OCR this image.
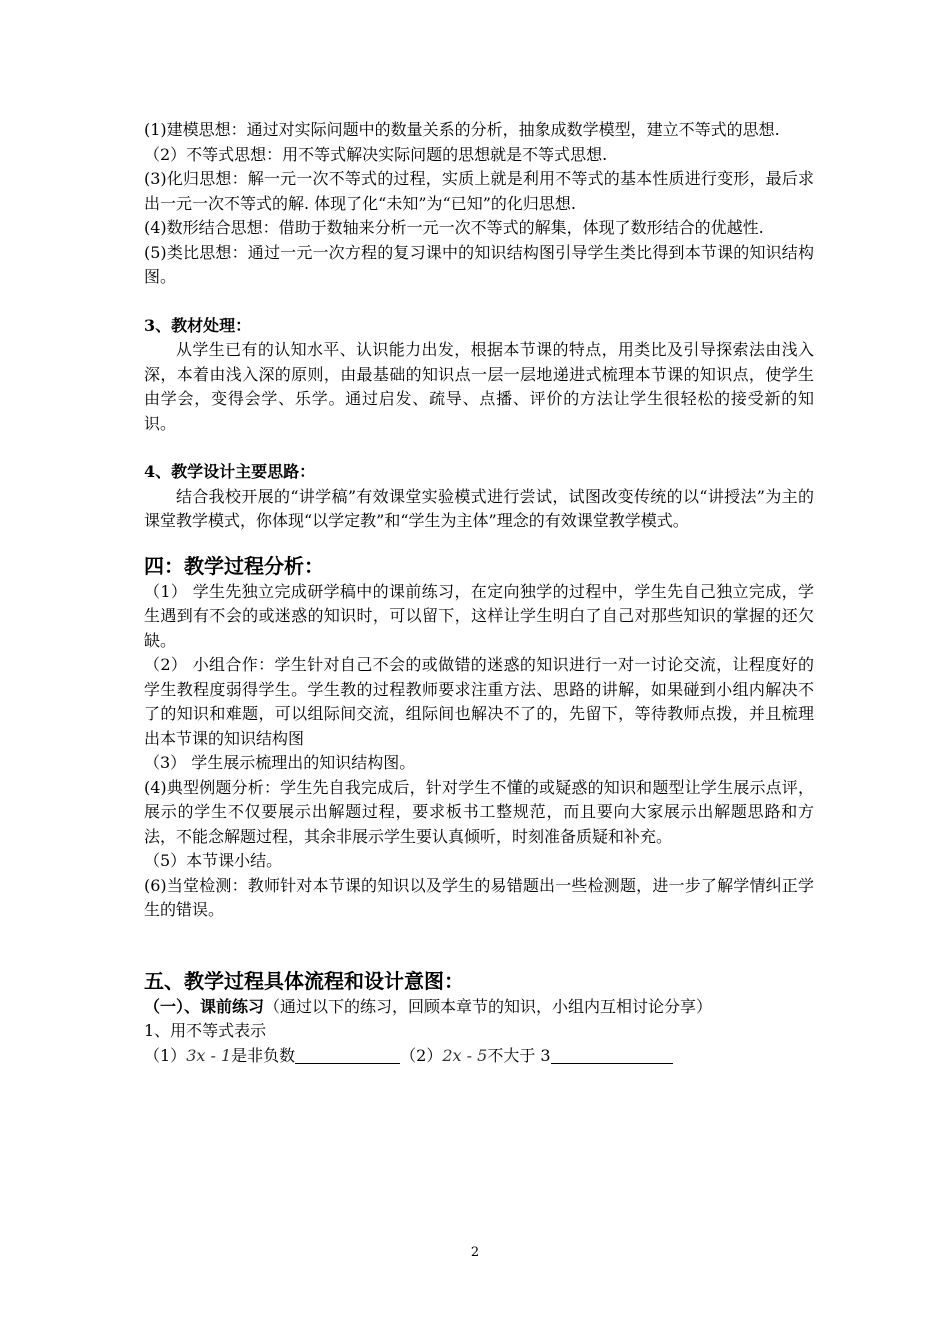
(1)建模思想：通过对实际问题中的数量关系的分析，抽象成数学模型，建立不等式的思想.

（2）不等式思想：用不等式解决实际问题的思想就是不等式思想.

(3)化归思想：解一元一次不等式的过程，实质上就是利用不等式的基本性质进行变形，最后求出一元一次不等式的解. 体现了化“未知”为“已知”的化归思想.

(4)数形结合思想：借助于数轴来分析一元一次不等式的解集，体现了数形结合的优越性.

(5)类比思想：通过一元一次方程的复习课中的知识结构图引导学生类比得到本节课的知识结构图。

3、教材处理：

从学生已有的认知水平、认识能力出发，根据本节课的特点，用类比及引导探索法由浅入深，本着由浅入深的原则，由最基础的知识点一层一层地递进式梳理本节课的知识点，使学生由学会，变得会学、乐学。通过启发、疏导、点播、评价的方法让学生很轻松的接受新的知识。

4、教学设计主要思路：

结合我校开展的“讲学稿”有效课堂实验模式进行尝试，试图改变传统的以“讲授法”为主的课堂教学模式，你体现“以学定教”和“学生为主体”理念的有效课堂教学模式。

四：教学过程分析：

（1） 学生先独立完成研学稿中的课前练习，在定向独学的过程中，学生先自己独立完成，学生遇到有不会的或迷惑的知识时，可以留下，这样让学生明白了自己对那些知识的掌握的还欠缺。

（2） 小组合作：学生针对自己不会的或做错的迷惑的知识进行一对一讨论交流，让程度好的学生教程度弱得学生。学生教的过程教师要求注重方法、思路的讲解，如果碰到小组内解决不了的知识和难题，可以组际间交流，组际间也解决不了的，先留下，等待教师点拨，并且梳理出本节课的知识结构图

（3） 学生展示梳理出的知识结构图。

(4)典型例题分析：学生先自我完成后，针对学生不懂的或疑惑的知识和题型让学生展示点评，展示的学生不仅要展示出解题过程，要求板书工整规范，而且要向大家展示出解题思路和方法，不能念解题过程，其余非展示学生要认真倾听，时刻准备质疑和补充。

（5）本节课小结。

(6)当堂检测：教师针对本节课的知识以及学生的易错题出一些检测题，进一步了解学情纠正学生的错误。

五、教学过程具体流程和设计意图：

（一）、课前练习（通过以下的练习，回顾本章节的知识，小组内互相讨论分享）

1、用不等式表示

（1）3x - 1是非负数	（2）2x - 5不大于 3

2
